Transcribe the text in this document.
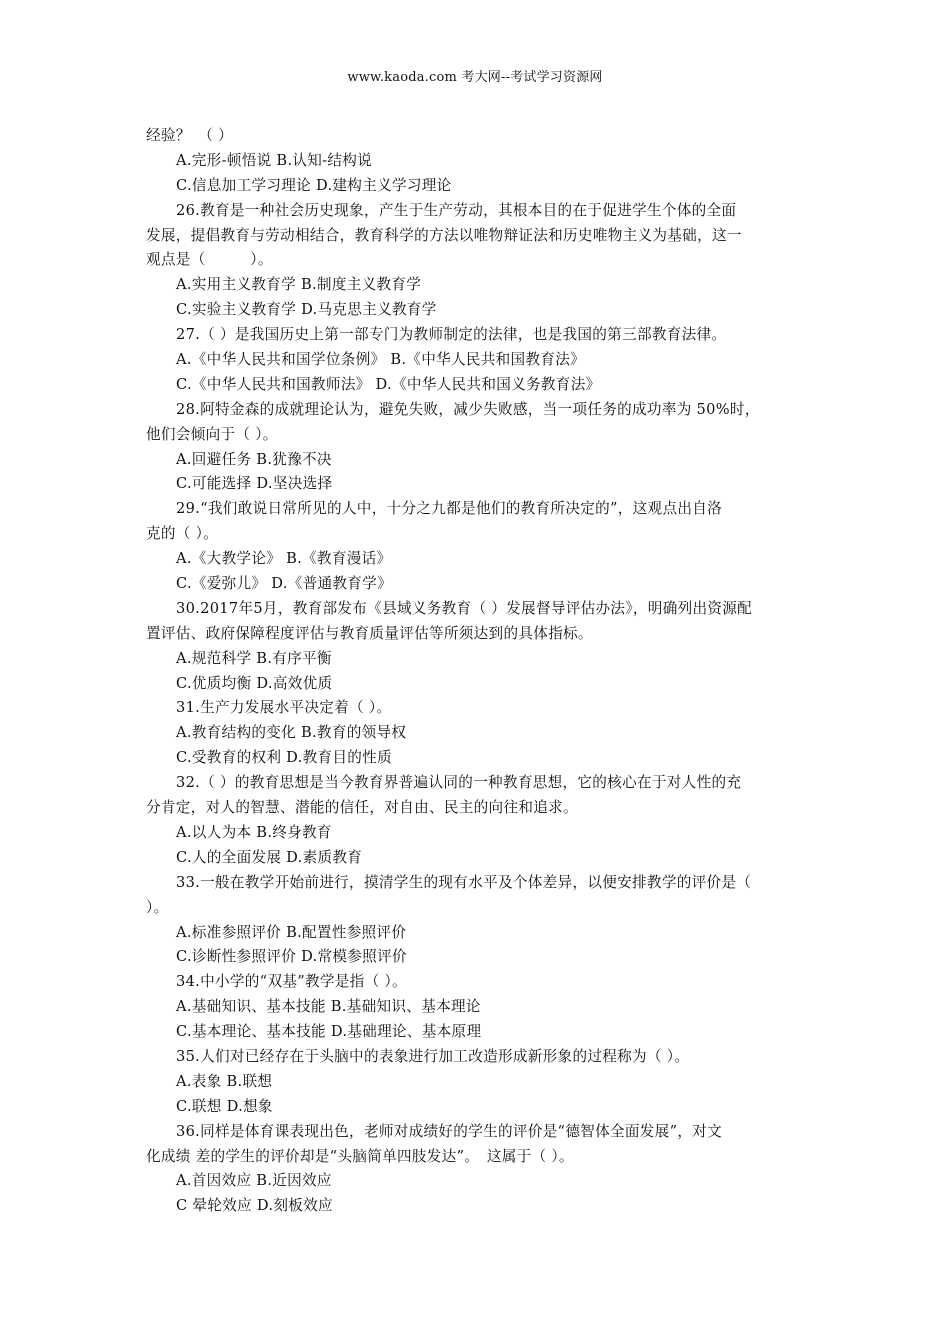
www.kaoda.com 考大网--考试学习资源网
经验？　（ ）
A.完形-顿悟说 B.认知-结构说
C.信息加工学习理论 D.建构主义学习理论
26.教育是一种社会历史现象，产生于生产劳动，其根本目的在于促进学生个体的全面
发展，提倡教育与劳动相结合，教育科学的方法以唯物辩证法和历史唯物主义为基础，这一
观点是（　　　）。
A.实用主义教育学 B.制度主义教育学
C.实验主义教育学 D.马克思主义教育学
27.（ ）是我国历史上第一部专门为教师制定的法律，也是我国的第三部教育法律。
A.《中华人民共和国学位条例》 B.《中华人民共和国教育法》
C.《中华人民共和国教师法》 D.《中华人民共和国义务教育法》
28.阿特金森的成就理论认为，避免失败，减少失败感，当一项任务的成功率为 50%时，
他们会倾向于（ ）。
A.回避任务 B.犹豫不决
C.可能选择 D.坚决选择
29.“我们敢说日常所见的人中，十分之九都是他们的教育所决定的”，这观点出自洛
克的（ ）。
A.《大教学论》 B.《教育漫话》
C.《爱弥儿》 D.《普通教育学》
30.2017年5月，教育部发布《县域义务教育（ ）发展督导评估办法》，明确列出资源配
置评估、政府保障程度评估与教育质量评估等所须达到的具体指标。
A.规范科学 B.有序平衡
C.优质均衡 D.高效优质
31.生产力发展水平决定着（ ）。
A.教育结构的变化 B.教育的领导权
C.受教育的权利 D.教育目的性质
32.（ ）的教育思想是当今教育界普遍认同的一种教育思想，它的核心在于对人性的充
分肯定，对人的智慧、潜能的信任，对自由、民主的向往和追求。
A.以人为本 B.终身教育
C.人的全面发展 D.素质教育
33.一般在教学开始前进行，摸清学生的现有水平及个体差异，以便安排教学的评价是（
）。
A.标准参照评价 B.配置性参照评价
C.诊断性参照评价 D.常模参照评价
34.中小学的“双基”教学是指（ ）。
A.基础知识、基本技能 B.基础知识、基本理论
C.基本理论、基本技能 D.基础理论、基本原理
35.人们对已经存在于头脑中的表象进行加工改造形成新形象的过程称为（ ）。
A.表象 B.联想
C.联想 D.想象
36.同样是体育课表现出色，老师对成绩好的学生的评价是“德智体全面发展”，对文
化成绩 差的学生的评价却是“头脑简单四肢发达”。　这属于（ ）。
A.首因效应 B.近因效应
C 晕轮效应 D.刻板效应
